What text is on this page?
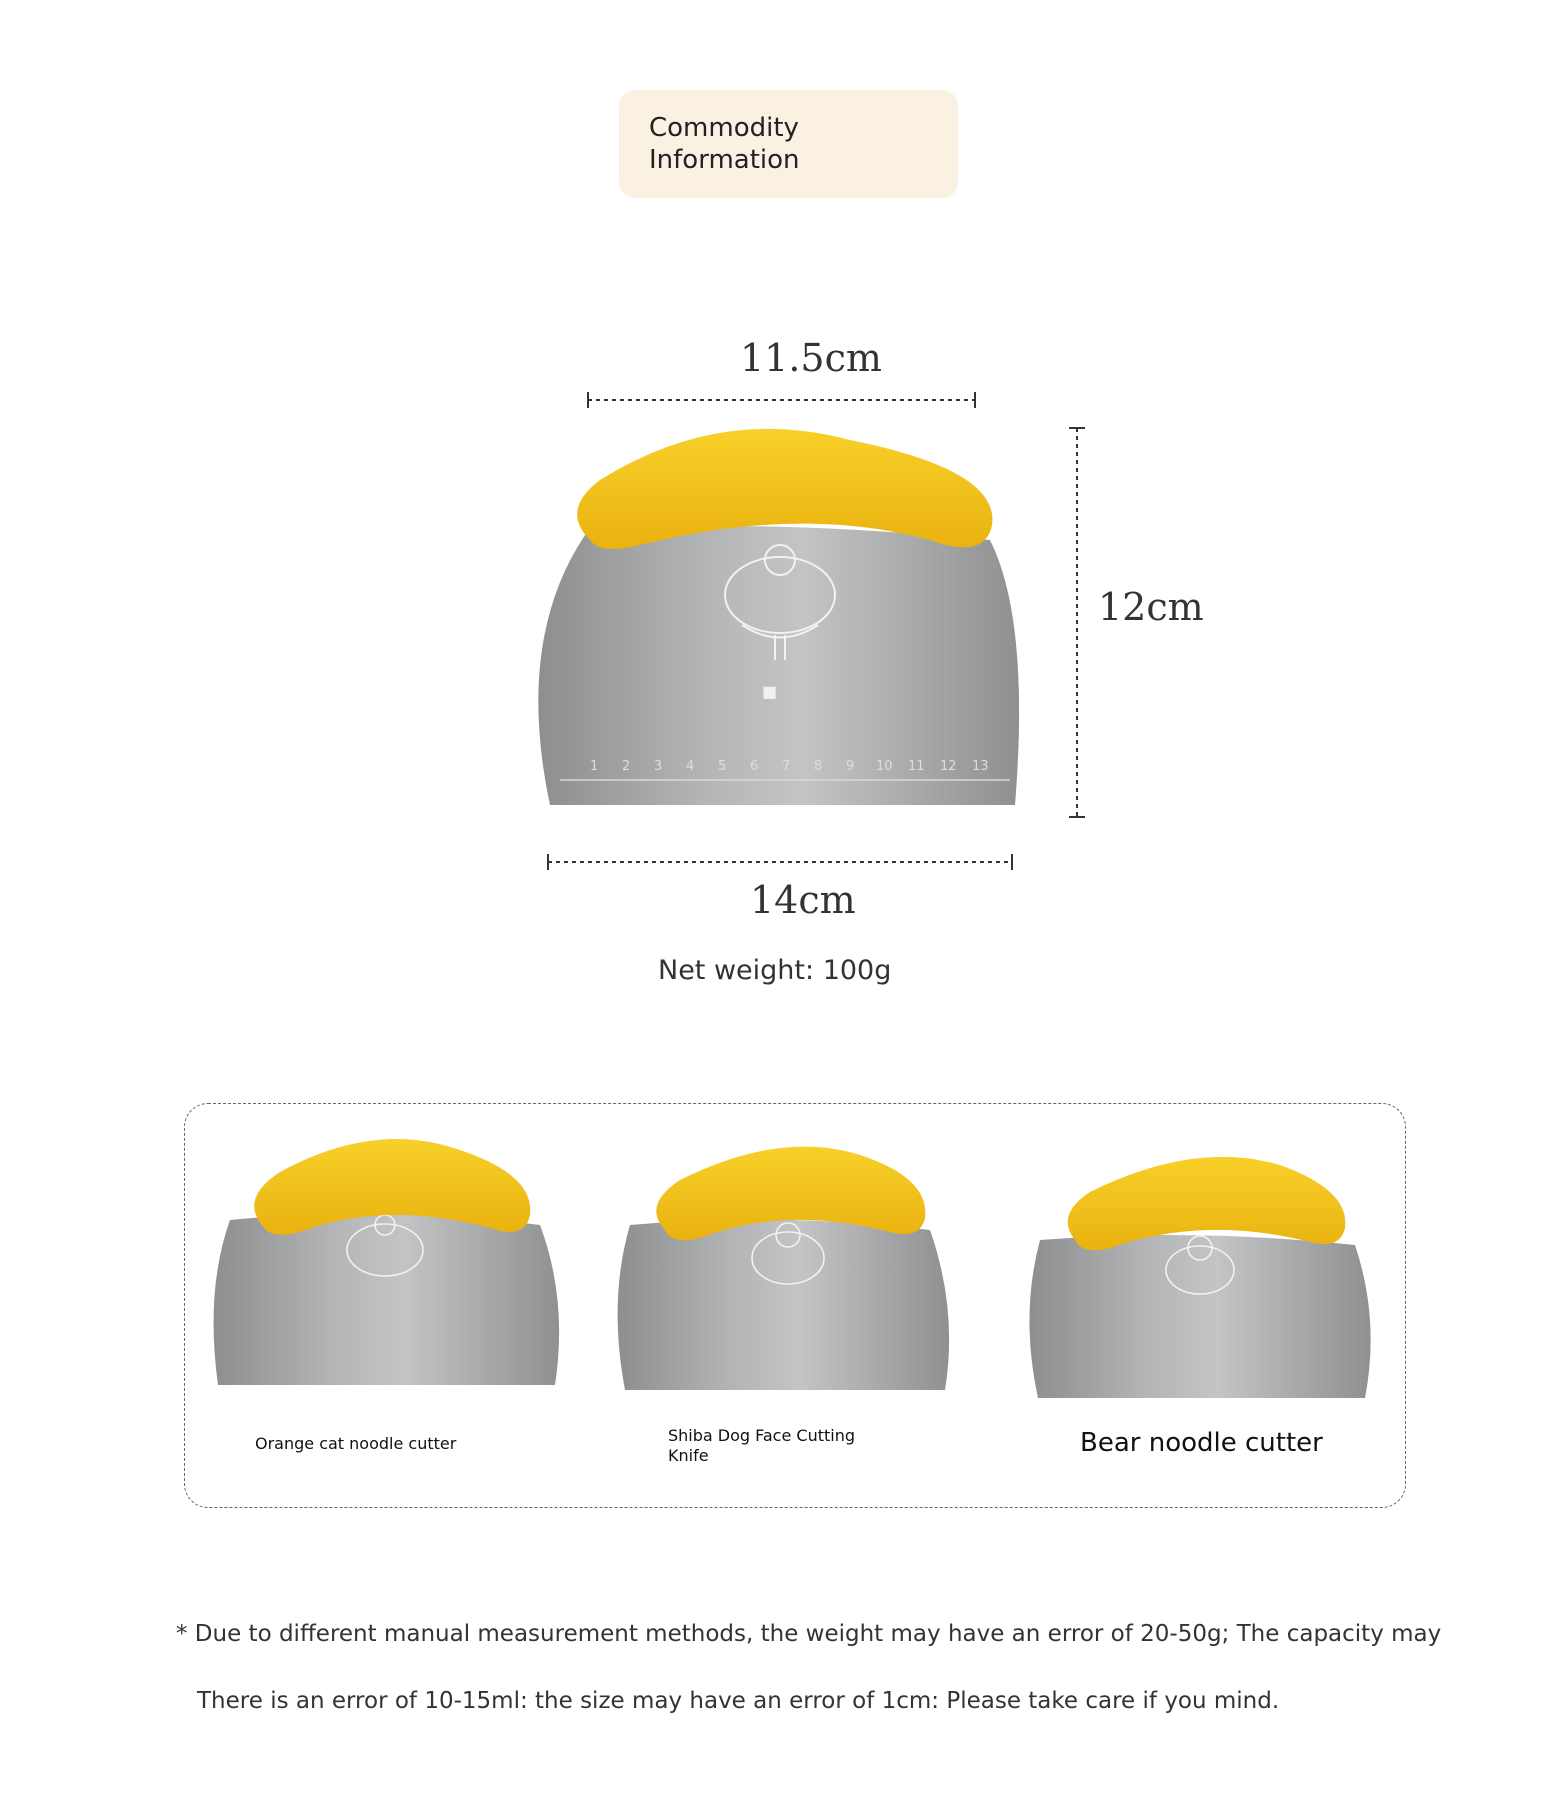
Commodity Information
1 2 3 4 5 6 7 8 9 10 11 12 13
■
11.5cm
12cm
14cm
Net weight: 100g
Orange cat noodle cutter	Shiba Dog Face Cutting Knife	Bear noodle cutter
* Due to different manual measurement methods, the weight may have an error of 20-50g; The capacity may
There is an error of 10-15ml: the size may have an error of 1cm: Please take care if you mind.
